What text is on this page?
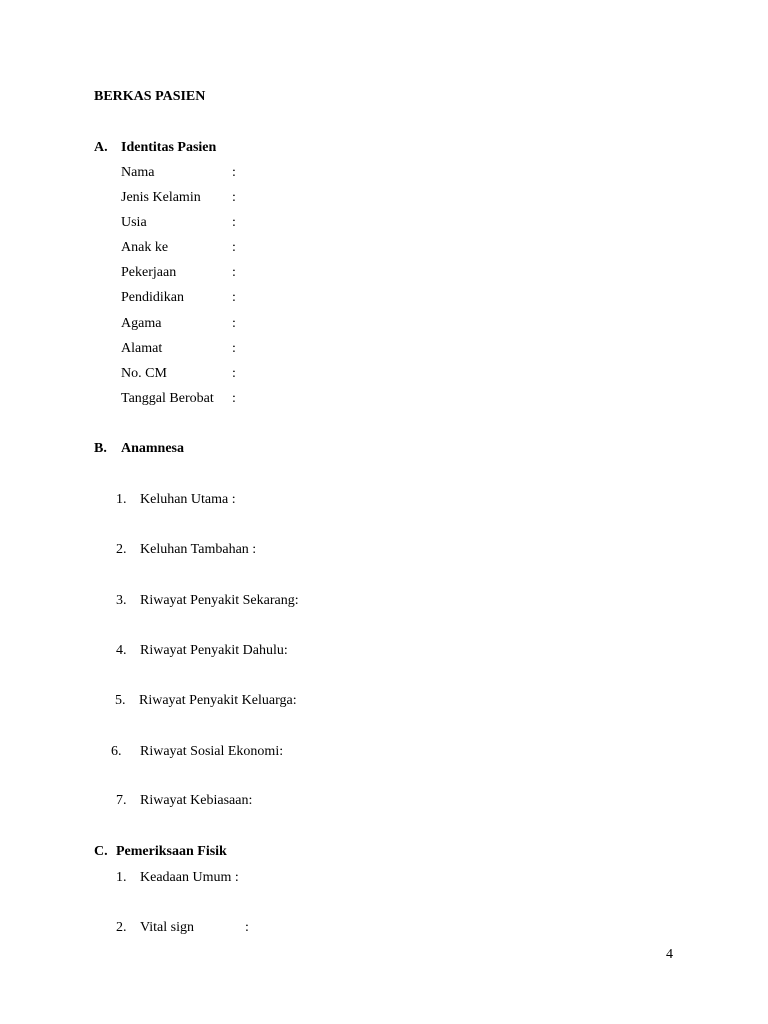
BERKAS PASIEN
A. Identitas Pasien
Nama	:
Jenis Kelamin :
Usia	:
Anak ke	:
Pekerjaan	:
Pendidikan	:
Agama	:
Alamat	:
No. CM	:
Tanggal Berobat :
B. Anamnesa
1. Keluhan Utama :
2. Keluhan Tambahan :
3. Riwayat Penyakit Sekarang:
4. Riwayat Penyakit Dahulu:
5. Riwayat Penyakit Keluarga:
6. Riwayat Sosial Ekonomi:
7. Riwayat Kebiasaan:
C. Pemeriksaan Fisik
1. Keadaan Umum :
2. Vital sign	:
4
